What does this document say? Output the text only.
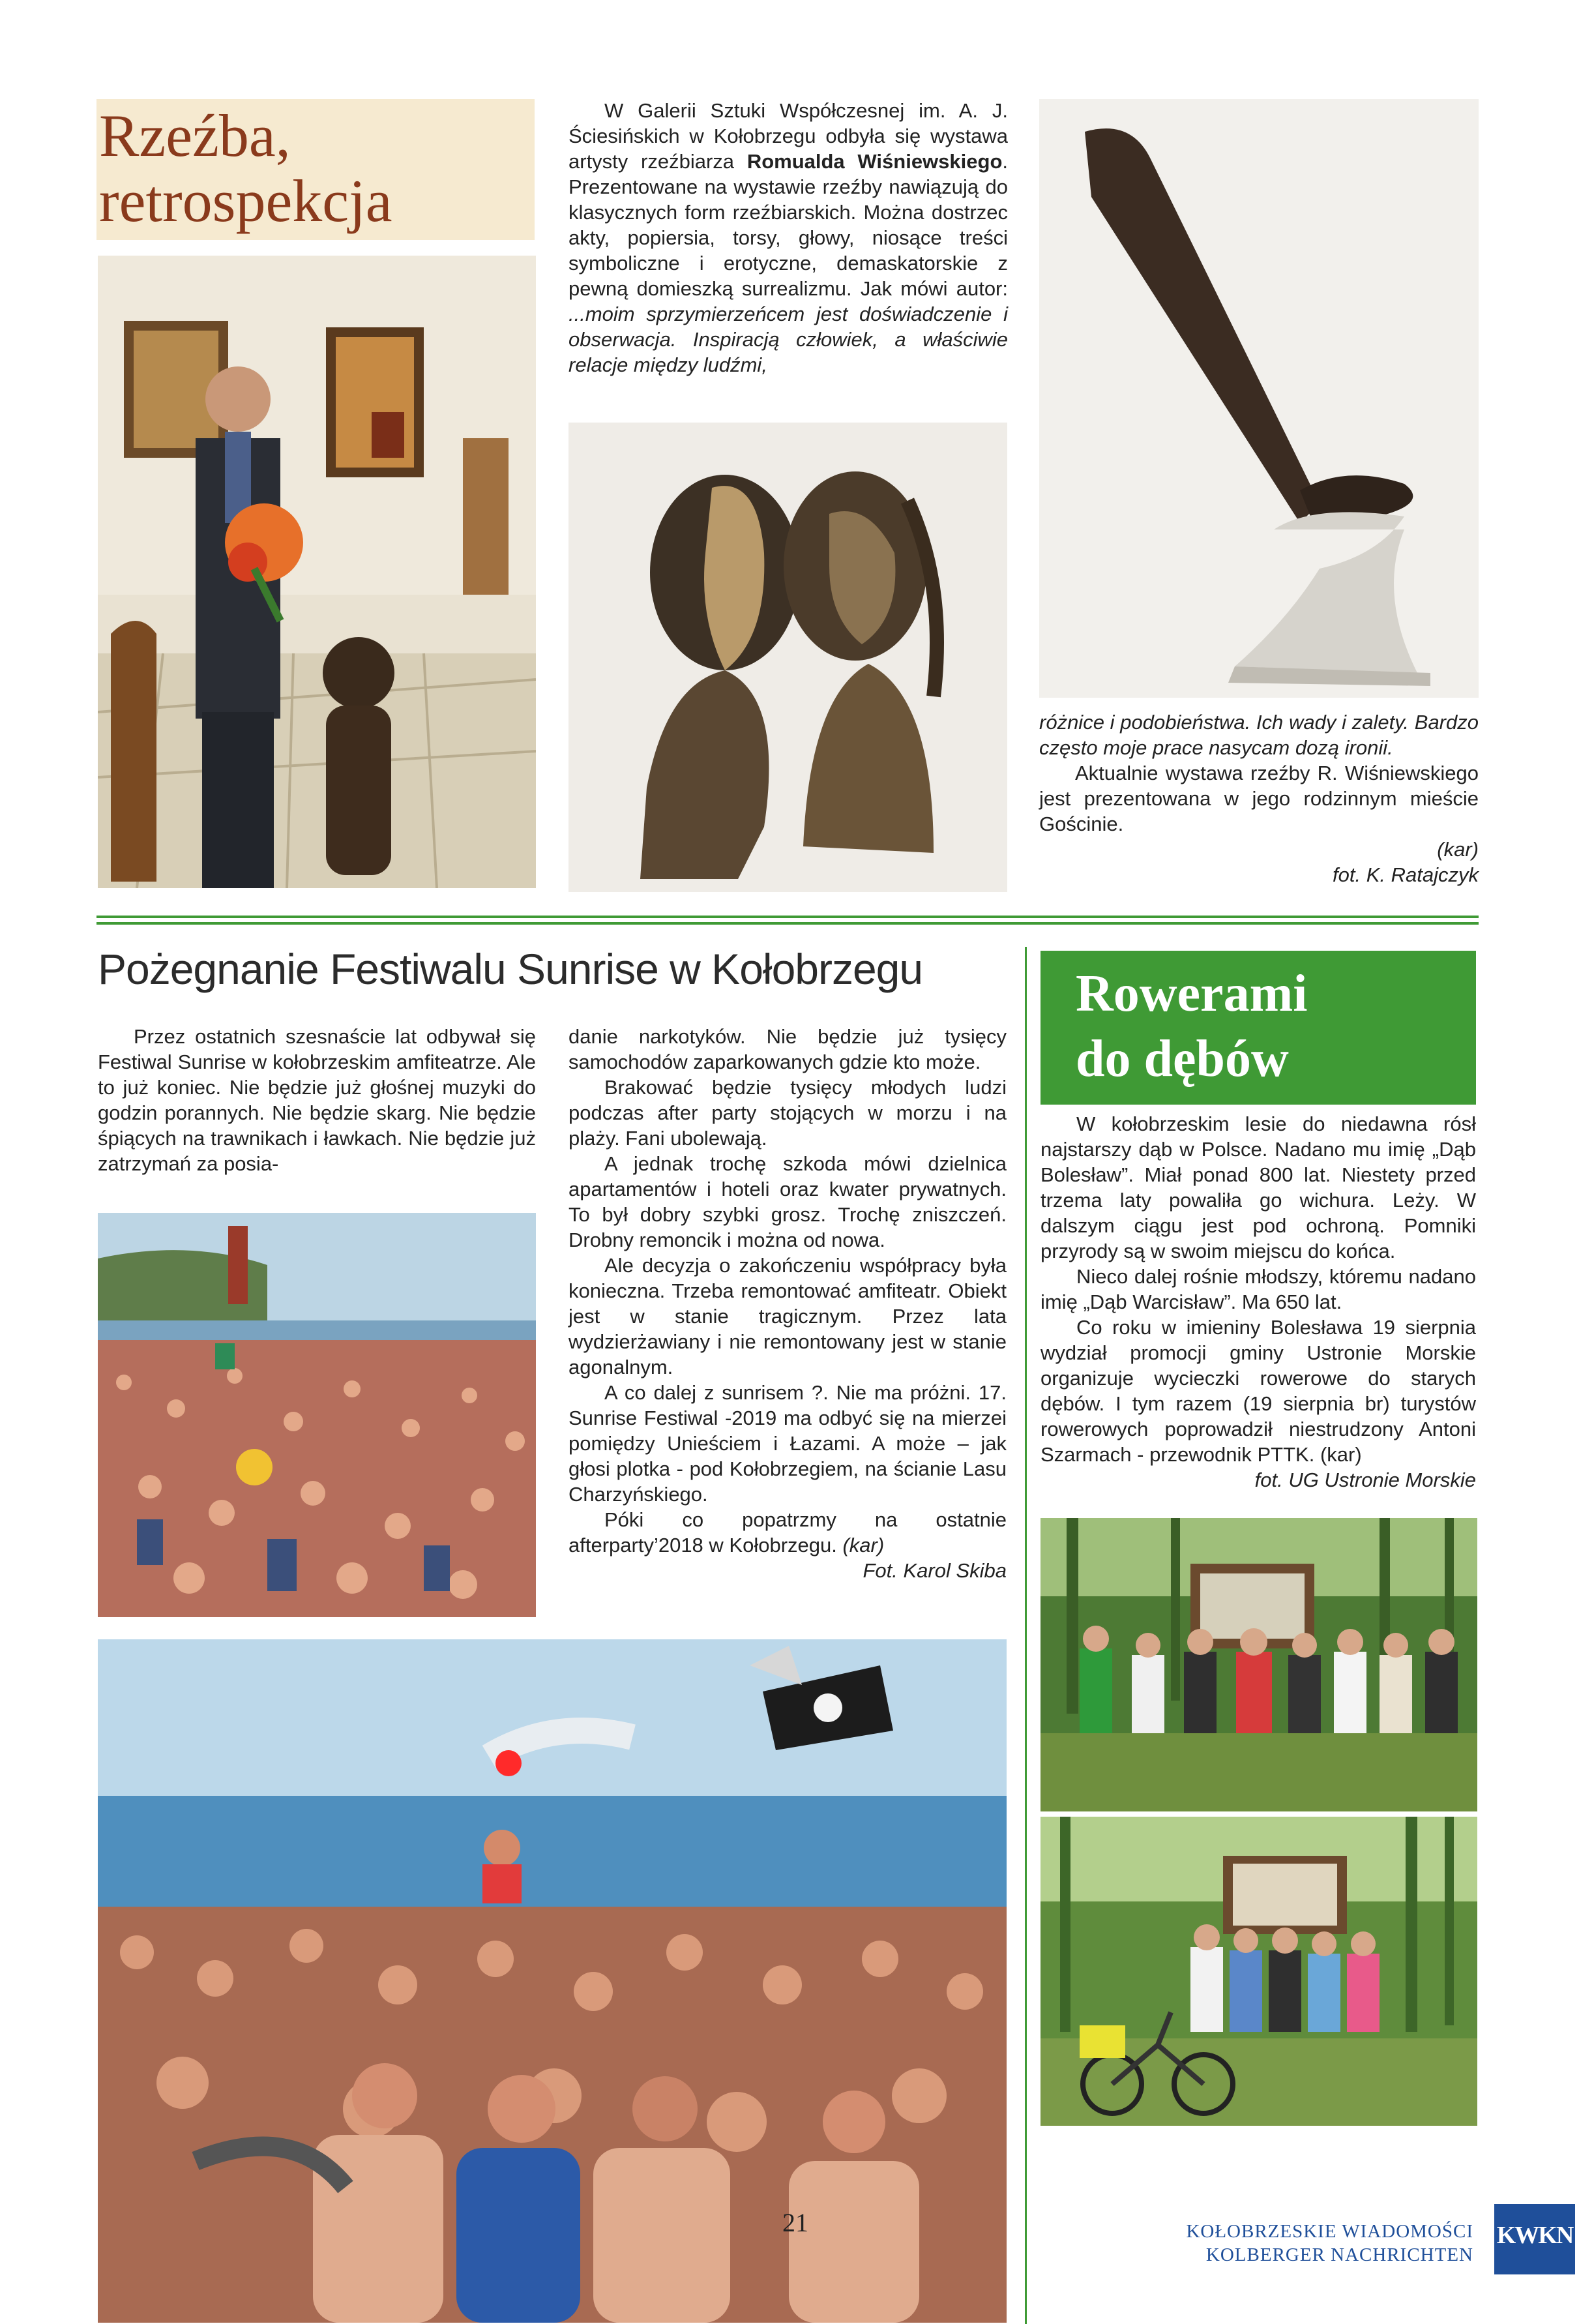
Rzeźba,
retrospekcja

W Galerii Sztuki Współczesnej im. A. J. Ściesińskich w Kołobrzegu odbyła się wystawa artysty rzeźbiarza Romualda Wiśniewskiego. Prezentowane na wystawie rzeźby nawiązują do klasycznych form rzeźbiarskich. Można dostrzec akty, popiersia, torsy, głowy, niosące treści symboliczne i erotyczne, demaskatorskie z pewną domieszką surrealizmu. Jak mówi autor: ...moim sprzymierzeńcem jest doświadczenie i obserwacja. Inspiracją człowiek, a właściwie relacje między ludźmi,

różnice i podobieństwa. Ich wady i zalety. Bardzo często moje prace nasycam dozą ironii.

Aktualnie wystawa rzeźby R. Wiśniewskiego jest prezentowana w jego rodzinnym mieście Gościnie.

(kar)

fot. K. Ratajczyk

Pożegnanie Festiwalu Sunrise w Kołobrzegu

Przez ostatnich szesnaście lat odbywał się Festiwal Sunrise w kołobrzeskim amfiteatrze. Ale to już koniec. Nie będzie już głośnej muzyki do godzin porannych. Nie będzie skarg. Nie będzie śpiących na trawnikach i ławkach. Nie będzie już zatrzymań za posia-

danie narkotyków. Nie będzie już tysięcy samochodów zaparkowanych gdzie kto może.

Brakować będzie tysięcy młodych ludzi podczas after party stojących w morzu i na plaży. Fani ubolewają.

A jednak trochę szkoda mówi dzielnica apartamentów i hoteli oraz kwater prywatnych. To był dobry szybki grosz. Trochę zniszczeń. Drobny remoncik i można od nowa.

Ale decyzja o zakończeniu współpracy była konieczna. Trzeba remontować amfiteatr. Obiekt jest w stanie tragicznym. Przez lata wydzierżawiany i nie remontowany jest w stanie agonalnym.

A co dalej z sunrisem ?. Nie ma próżni. 17. Sunrise Festiwal -2019 ma odbyć się na mierzei pomiędzy Unieściem i Łazami. A może – jak głosi plotka - pod Kołobrzegiem, na ścianie Lasu Charzyńskiego.

Póki co popatrzmy na ostatnie afterparty’2018 w Kołobrzegu. (kar)

Fot. Karol Skiba

Rowerami
do dębów

W kołobrzeskim lesie do niedawna rósł najstarszy dąb w Polsce. Nadano mu imię „Dąb Bolesław”. Miał ponad 800 lat. Niestety przed trzema laty powaliła go wichura. Leży. W dalszym ciągu jest pod ochroną. Pomniki przyrody są w swoim miejscu do końca.

Nieco dalej rośnie młodszy, któremu nadano imię „Dąb Warcisław”. Ma 650 lat.

Co roku w imieniny Bolesława 19 sierpnia wydział promocji gminy Ustronie Morskie organizuje wycieczki rowerowe do starych dębów. I tym razem (19 sierpnia br) turystów rowerowych poprowadził niestrudzony Antoni Szarmach - przewodnik PTTK. (kar)

fot. UG Ustronie Morskie

21	KOŁOBRZESKIE WIADOMOŚCI
KOLBERGER NACHRICHTEN
KWKN
